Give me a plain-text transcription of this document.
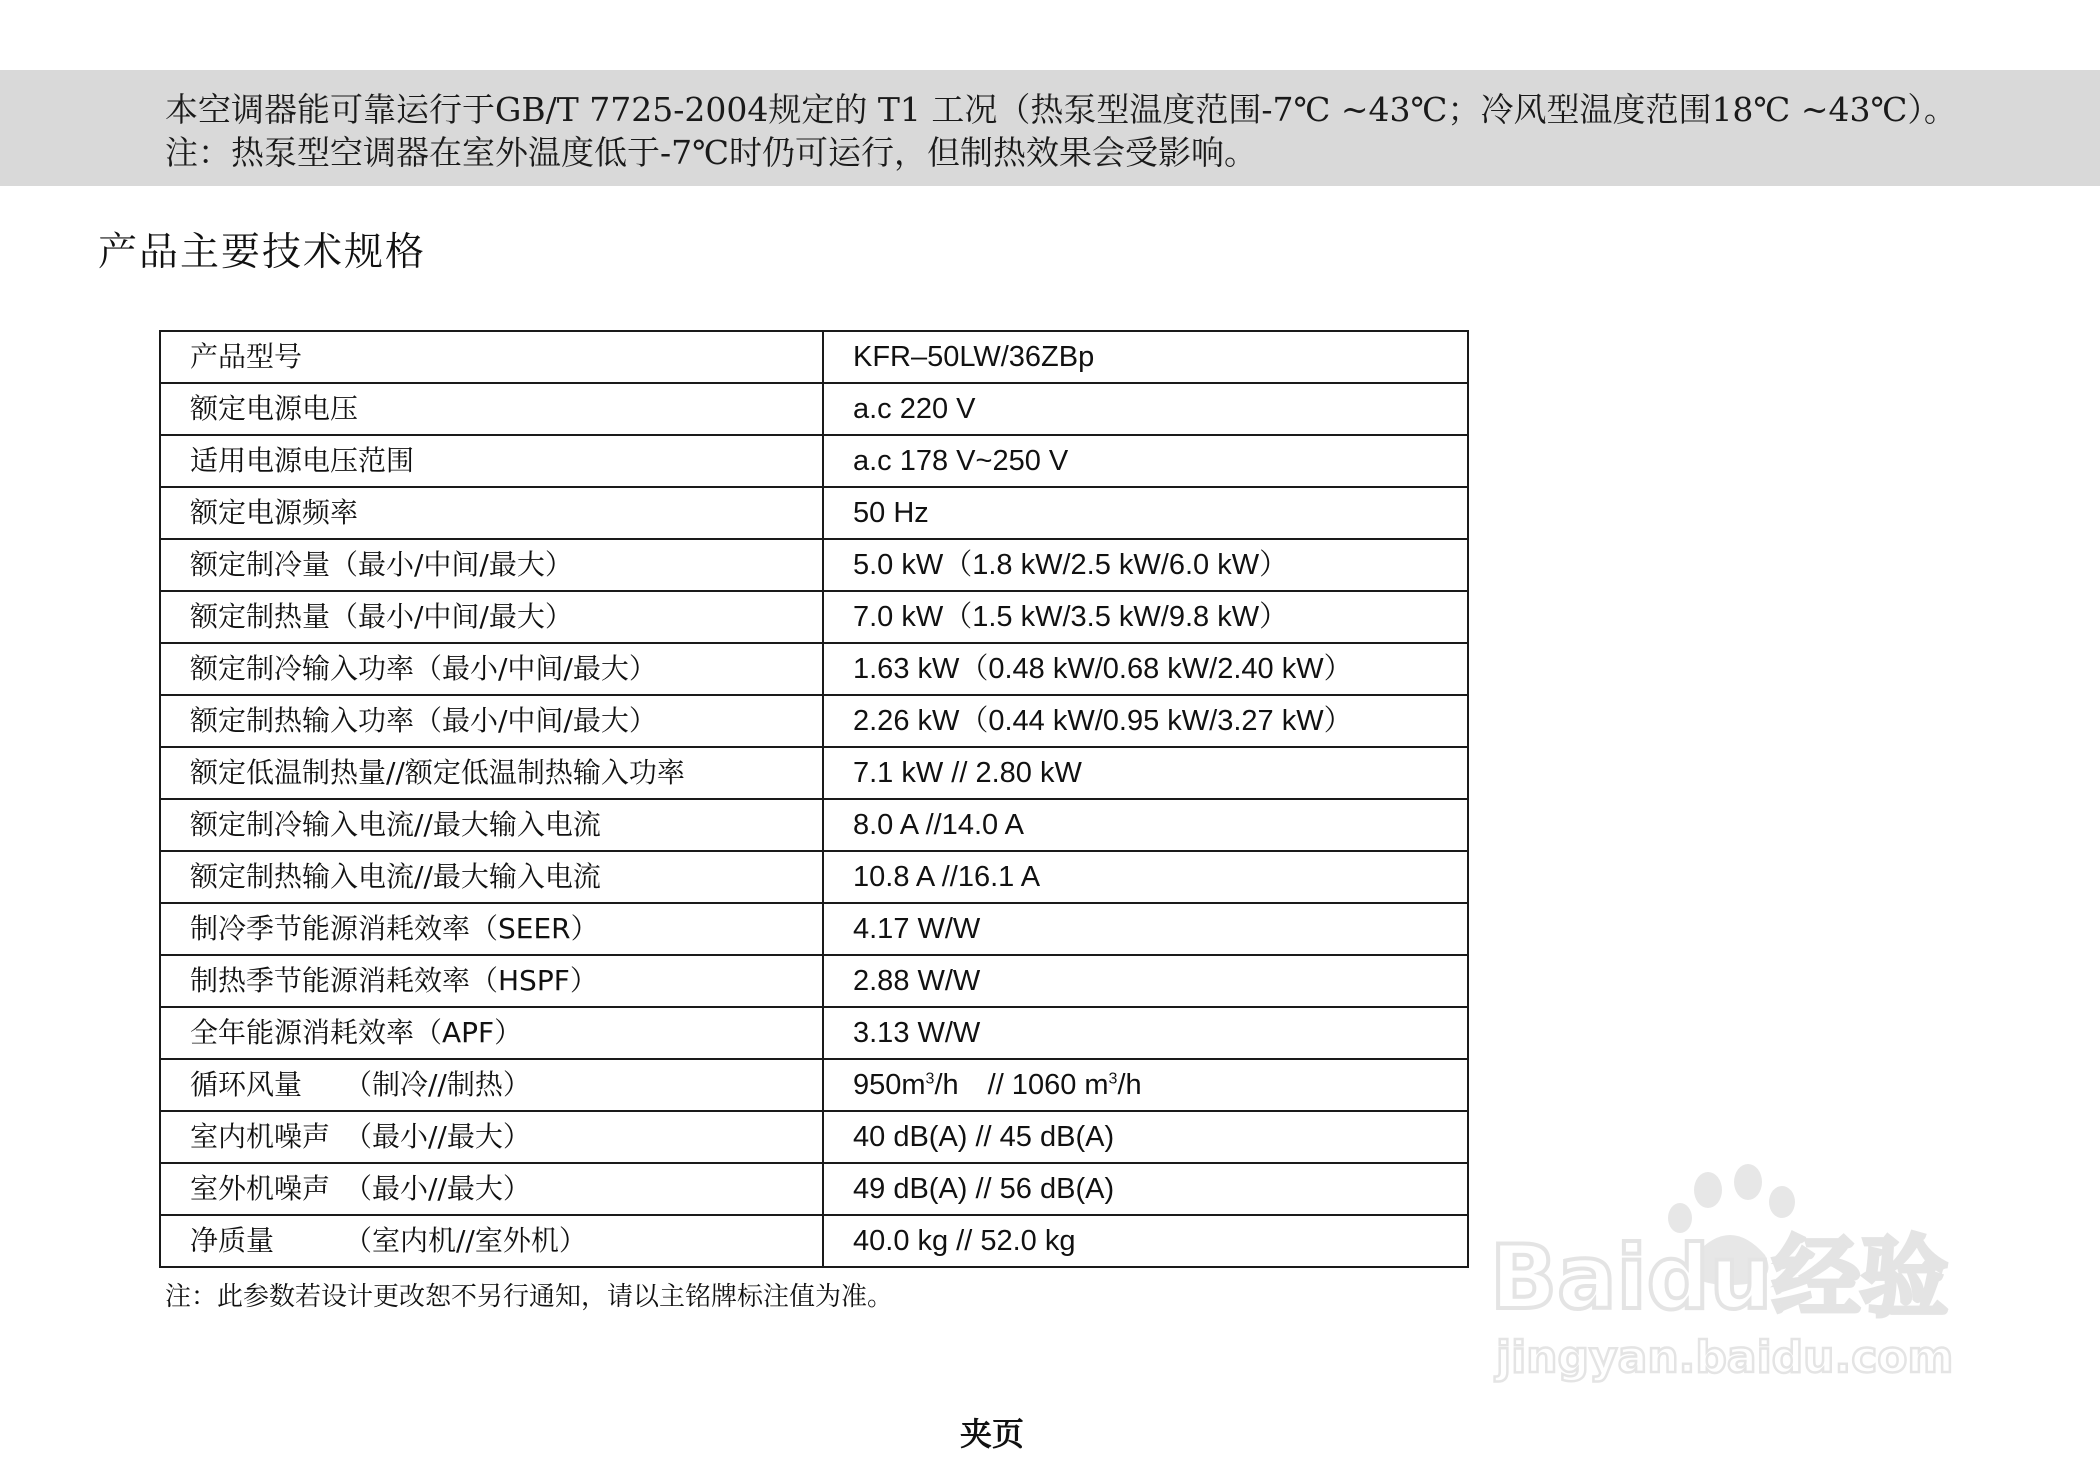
本空调器能可靠运行于GB/T 7725-2004规定的 T1 工况（热泵型温度范围-7℃ ~43℃；冷风型温度范围18℃ ~43℃）。
注：热泵型空调器在室外温度低于-7℃时仍可运行，但制热效果会受影响。
产品主要技术规格
产品型号	KFR–50LW/36ZBp
额定电源电压	a.c 220 V
适用电源电压范围	a.c 178 V~250 V
额定电源频率	50 Hz
额定制冷量（最小/中间/最大）	5.0 kW（1.8 kW/2.5 kW/6.0 kW）
额定制热量（最小/中间/最大）	7.0 kW（1.5 kW/3.5 kW/9.8 kW）
额定制冷输入功率（最小/中间/最大）	1.63 kW（0.48 kW/0.68 kW/2.40 kW）
额定制热输入功率（最小/中间/最大）	2.26 kW（0.44 kW/0.95 kW/3.27 kW）
额定低温制热量//额定低温制热输入功率	7.1 kW // 2.80 kW
额定制冷输入电流//最大输入电流	8.0 A //14.0 A
额定制热输入电流//最大输入电流	10.8 A //16.1 A
制冷季节能源消耗效率（SEER）	4.17 W/W
制热季节能源消耗效率（HSPF）	2.88 W/W
全年能源消耗效率（APF）	3.13 W/W
循环风量　　（制冷//制热）	$950m^3/h$　// 1060 $m^3/h$
室内机噪声　（最小//最大）	40 dB(A) // 45 dB(A)
室外机噪声　（最小//最大）	49 dB(A) // 56 dB(A)
净质量　　　（室内机//室外机）	40.0 kg // 52.0 kg
注：此参数若设计更改恕不另行通知，请以主铭牌标注值为准。
夹页
Baidu经验
jingyan.baidu.com
